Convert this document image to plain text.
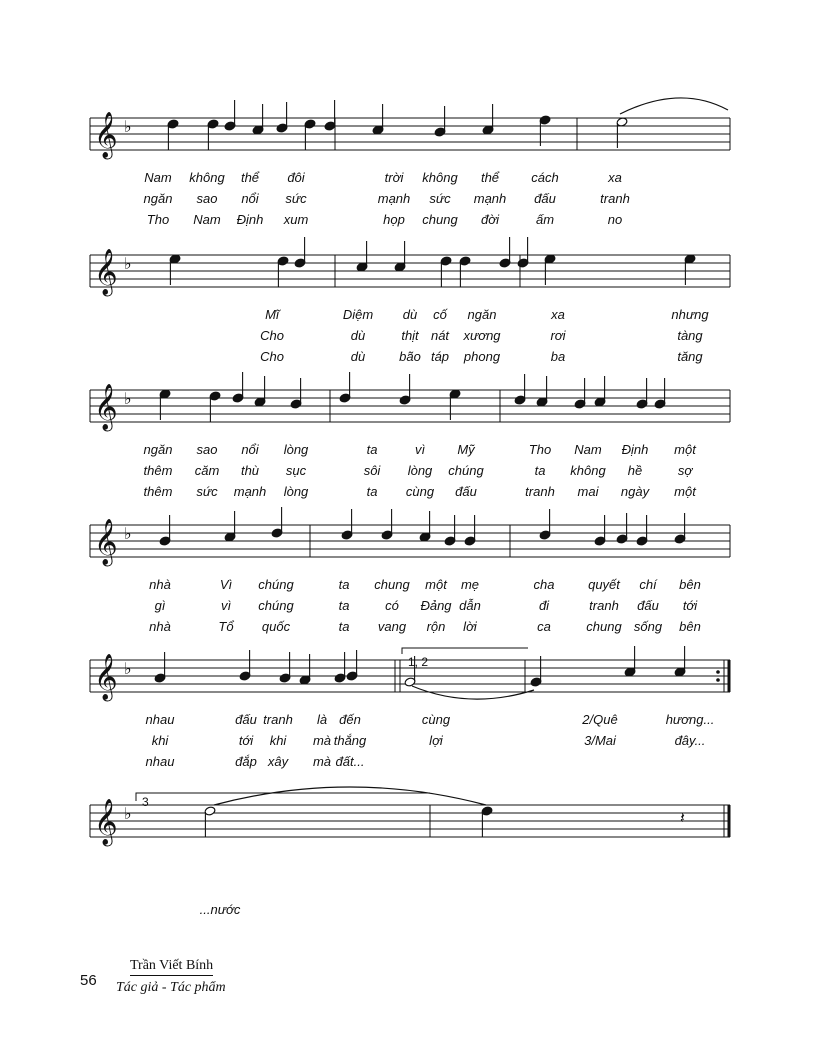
𝄞 ♭
𝄞 ♭
𝄞 ♭
𝄞 ♭
𝄞 ♭
𝄞 ♭	𝄽
Nam không thể đôi	trời không thể cách	xa
ngăn sao nổi sức	mạnh sức mạnh đấu	tranh
Tho Nam Định xum	họp chung đời	ấm	no
Mĩ	Diệm dù cố ngăn	xa	nhưng
Cho	dù	thịt nát xương	rơi	tàng
Cho	dù	bão táp phong	ba	tăng
ngăn sao nổi lòng	ta	vì Mỹ	Tho Nam Định một
thêm căm thù sục	sôi lòng chúng	ta không hề	sợ
thêm sức mạnh lòng	ta cùng đấu	tranh mai ngày một
nhà	Vì chúng	ta chung một mẹ	cha	quyết chí bên
gì	vì chúng	ta	có Đảng dẫn	đi	tranh đấu tới
nhà	Tổ quốc	ta vang rộn lời	ca	chung sống bên
nhau	đấu tranh là đến	cùng	2/Quê	hương...
khi	tới khi mà thắng	lợi	3/Mai	đây...
nhau	đắp xây mà đất...
...nước
1, 2
3
56
Trần Viết Bính
Tác giả - Tác phẩm
